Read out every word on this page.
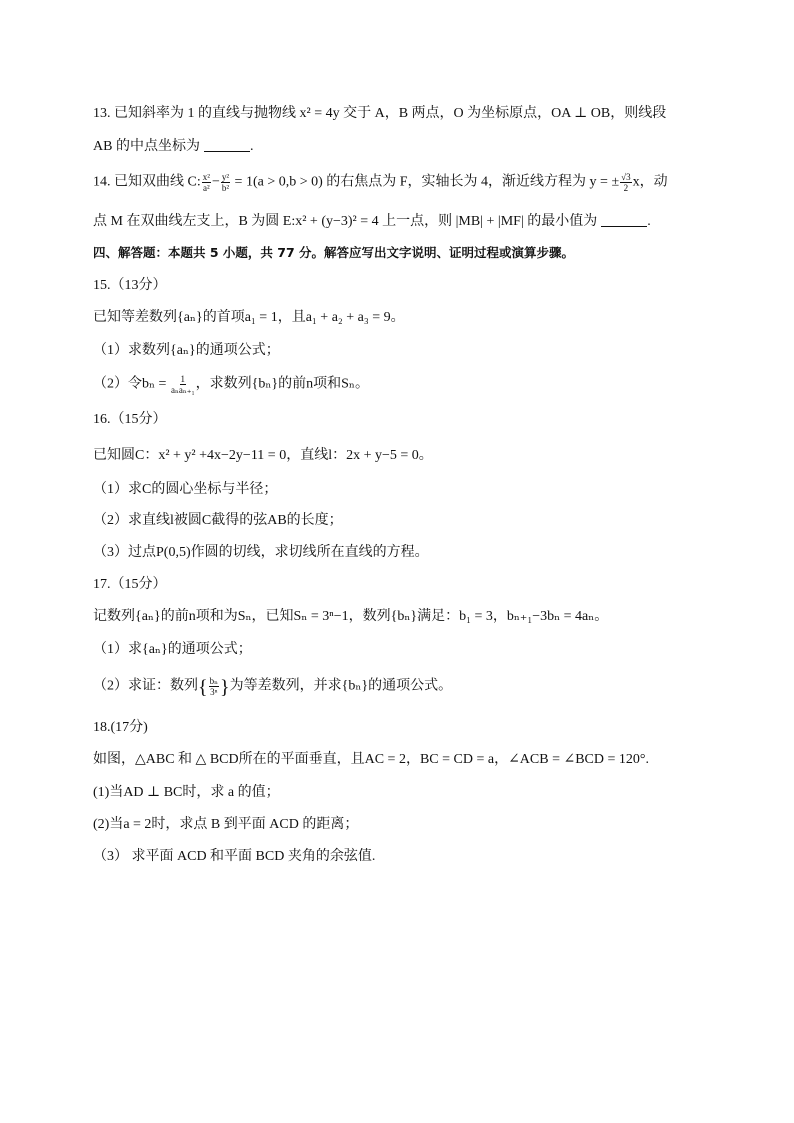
13. 已知斜率为 1 的直线与抛物线 x² = 4y 交于 A，B 两点，O 为坐标原点，OA ⊥ OB，则线段
AB 的中点坐标为	.
14. 已知双曲线 C: $\frac{\text{x²}}{\text{a²}} - \frac{\text{y²}}{\text{b²}} = 1(a > 0,b > 0)$ 的右焦点为 F，实轴长为 4，渐近线方程为 y = ± $\frac{√3}{2}$ x，动
点 M 在双曲线左支上，B 为圆 E:x² + (y−3)² = 4 上一点，则 |MB| + |MF| 的最小值为	.
四、解答题：本题共 5 小题，共 77 分。解答应写出文字说明、证明过程或演算步骤。
15.（13分）
已知等差数列{aₙ}的首项a₁ = 1，且a₁ + a₂ + a₃ = 9。
（1）求数列{aₙ}的通项公式；
（2）令$b_n = \frac{1}{\text{aₙaₙ₊₁}}$ ，求数列{bₙ}的前n项和Sₙ。
16.（15分）
已知圆C：x² + y² +4x−2y−11 = 0，直线l：2x + y−5 = 0。
（1）求C的圆心坐标与半径；
（2）求直线l被圆C截得的弦AB的长度；
（3）过点P(0,5)作圆的切线，求切线所在直线的方程。
17.（15分）
记数列{aₙ}的前n项和为Sₙ，已知Sₙ = 3ⁿ−1，数列{bₙ}满足：b₁ = 3，bₙ₊₁−3bₙ = 4aₙ。
（1）求{aₙ}的通项公式；
（2）求证：数列{ $\frac{\text{bₙ}}{\text{3ⁿ}}$ }为等差数列，并求{bₙ}的通项公式。
18.(17分)
如图，△ABC 和 △ BCD所在的平面垂直，且AC = 2，BC = CD = a，∠ACB = ∠BCD = 120°.
(1)当AD ⊥ BC时，求 a 的值；
(2)当a = 2时，求点 B 到平面 ACD 的距离；
（3） 求平面 ACD 和平面 BCD 夹角的余弦值.
